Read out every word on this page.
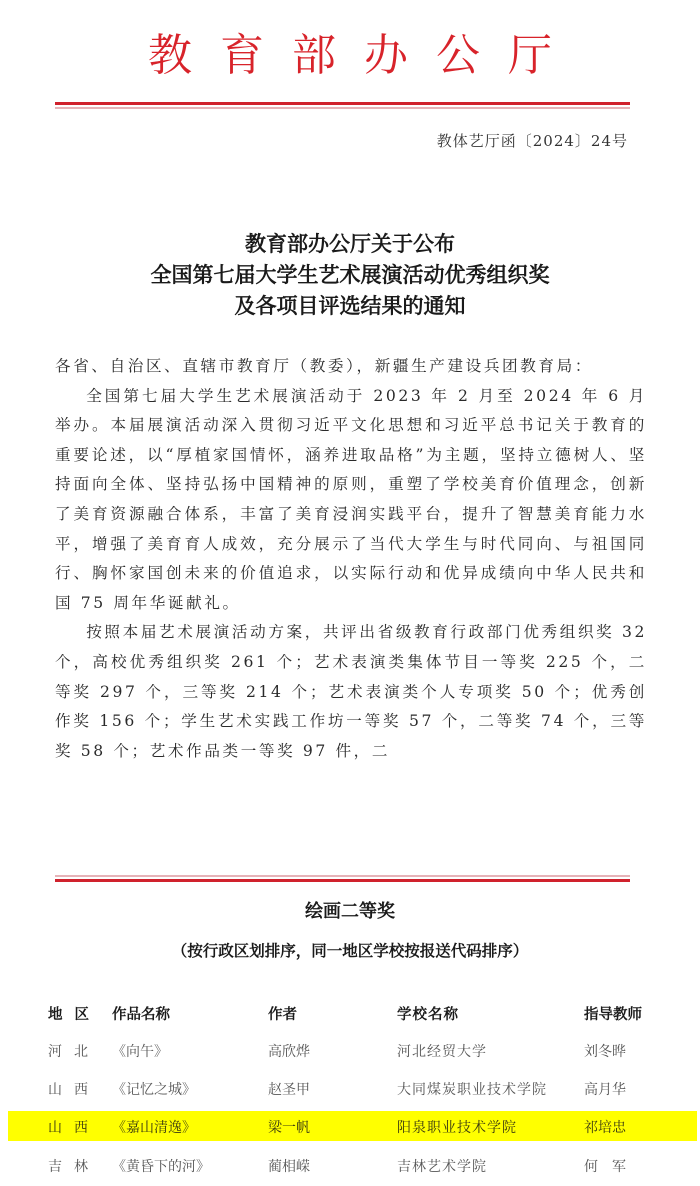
教育部办公厅
教体艺厅函〔2024〕24号
教育部办公厅关于公布
全国第七届大学生艺术展演活动优秀组织奖
及各项目评选结果的通知

各省、自治区、直辖市教育厅（教委），新疆生产建设兵团教育局：

全国第七届大学生艺术展演活动于 2023 年 2 月至 2024 年 6 月举办。本届展演活动深入贯彻习近平文化思想和习近平总书记关于教育的重要论述，以“厚植家国情怀，涵养进取品格”为主题，坚持立德树人、坚持面向全体、坚持弘扬中国精神的原则，重塑了学校美育价值理念，创新了美育资源融合体系，丰富了美育浸润实践平台，提升了智慧美育能力水平，增强了美育育人成效，充分展示了当代大学生与时代同向、与祖国同行、胸怀家国创未来的价值追求，以实际行动和优异成绩向中华人民共和国 75 周年华诞献礼。

按照本届艺术展演活动方案，共评出省级教育行政部门优秀组织奖 32 个，高校优秀组织奖 261 个；艺术表演类集体节目一等奖 225 个，二等奖 297 个，三等奖 214 个；艺术表演类个人专项奖 50 个；优秀创作奖 156 个；学生艺术实践工作坊一等奖 57 个，二等奖 74 个，三等奖 58 个；艺术作品类一等奖 97 件，二

绘画二等奖
（按行政区划排序，同一地区学校按报送代码排序）
地区 作品名称	作者	学校名称	指导教师
河北 《向午》	高欣烨	河北经贸大学	刘冬晔
山西 《记忆之城》	赵圣甲	大同煤炭职业技术学院	高月华
山西 《嘉山清逸》	梁一帆	阳泉职业技术学院	祁培忠
吉林 《黄昏下的河》	蔺相嵘	吉林艺术学院	何　军
